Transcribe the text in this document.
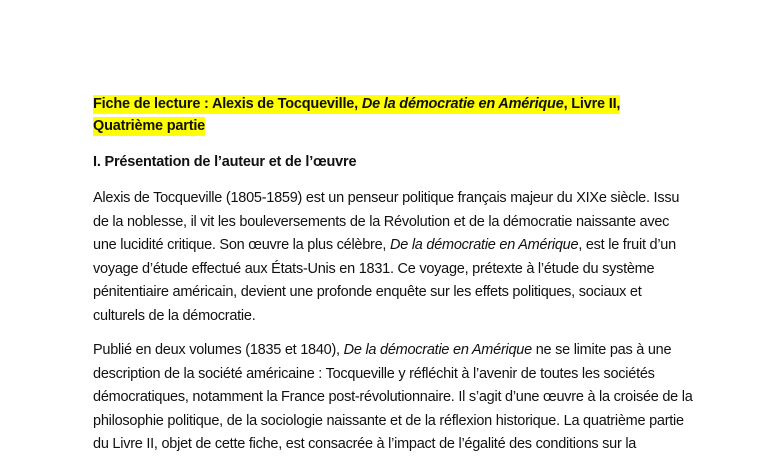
Fiche de lecture : Alexis de Tocqueville, De la démocratie en Amérique, Livre II, Quatrième partie

I. Présentation de l’auteur et de l’œuvre

Alexis de Tocqueville (1805-1859) est un penseur politique français majeur du XIXe siècle. Issu de la noblesse, il vit les bouleversements de la Révolution et de la démocratie naissante avec une lucidité critique. Son œuvre la plus célèbre, De la démocratie en Amérique, est le fruit d’un voyage d’étude effectué aux États-Unis en 1831. Ce voyage, prétexte à l’étude du système pénitentiaire américain, devient une profonde enquête sur les effets politiques, sociaux et culturels de la démocratie.

Publié en deux volumes (1835 et 1840), De la démocratie en Amérique ne se limite pas à une description de la société américaine : Tocqueville y réfléchit à l’avenir de toutes les sociétés démocratiques, notamment la France post-révolutionnaire. Il s’agit d’une œuvre à la croisée de la philosophie politique, de la sociologie naissante et de la réflexion historique. La quatrième partie du Livre II, objet de cette fiche, est consacrée à l’impact de l’égalité des conditions sur la
